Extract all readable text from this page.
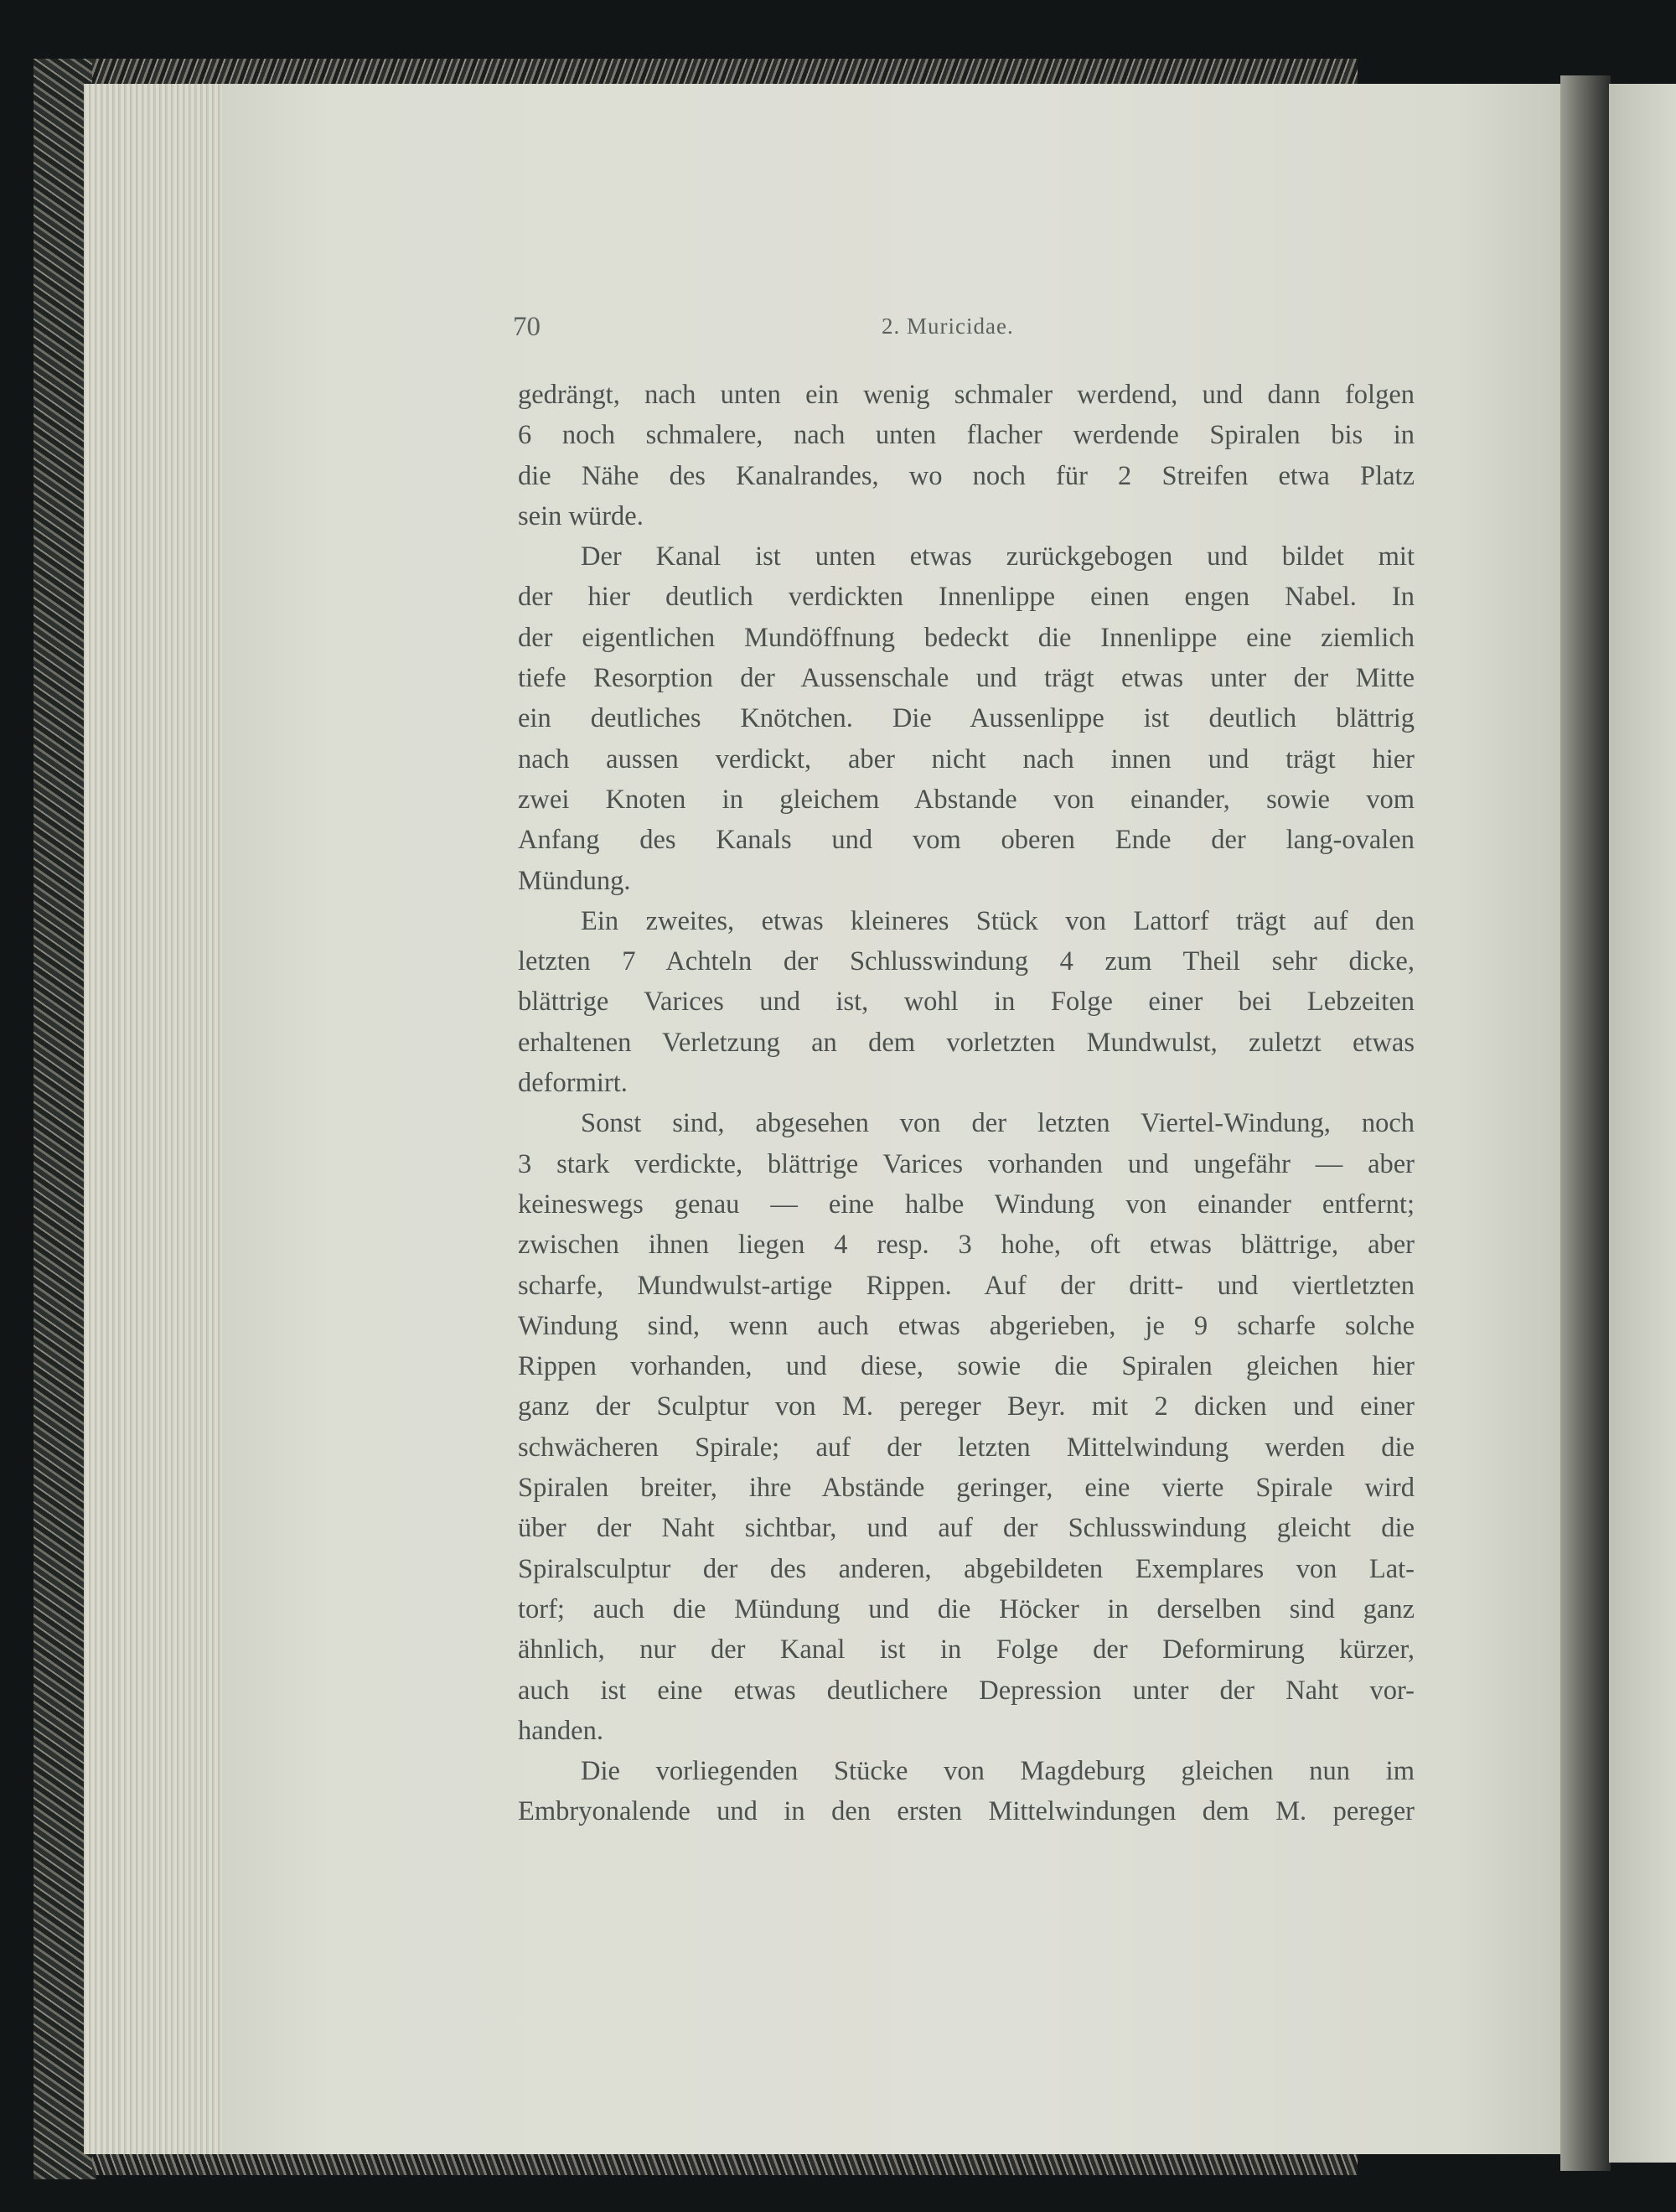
70	2. Muricidae.
gedrängt, nach unten ein wenig schmaler werdend, und dann folgen
6 noch schmalere, nach unten flacher werdende Spiralen bis in
die Nähe des Kanalrandes, wo noch für 2 Streifen etwa Platz
sein würde.
Der Kanal ist unten etwas zurückgebogen und bildet mit
der hier deutlich verdickten Innenlippe einen engen Nabel. In
der eigentlichen Mundöffnung bedeckt die Innenlippe eine ziemlich
tiefe Resorption der Aussenschale und trägt etwas unter der Mitte
ein deutliches Knötchen. Die Aussenlippe ist deutlich blättrig
nach aussen verdickt, aber nicht nach innen und trägt hier
zwei Knoten in gleichem Abstande von einander, sowie vom
Anfang des Kanals und vom oberen Ende der lang-ovalen
Mündung.
Ein zweites, etwas kleineres Stück von Lattorf trägt auf den
letzten 7 Achteln der Schlusswindung 4 zum Theil sehr dicke,
blättrige Varices und ist, wohl in Folge einer bei Lebzeiten
erhaltenen Verletzung an dem vorletzten Mundwulst, zuletzt etwas
deformirt.
Sonst sind, abgesehen von der letzten Viertel-Windung, noch
3 stark verdickte, blättrige Varices vorhanden und ungefähr — aber
keineswegs genau — eine halbe Windung von einander entfernt;
zwischen ihnen liegen 4 resp. 3 hohe, oft etwas blättrige, aber
scharfe, Mundwulst-artige Rippen. Auf der dritt- und viertletzten
Windung sind, wenn auch etwas abgerieben, je 9 scharfe solche
Rippen vorhanden, und diese, sowie die Spiralen gleichen hier
ganz der Sculptur von M. pereger Beyr. mit 2 dicken und einer
schwächeren Spirale; auf der letzten Mittelwindung werden die
Spiralen breiter, ihre Abstände geringer, eine vierte Spirale wird
über der Naht sichtbar, und auf der Schlusswindung gleicht die
Spiralsculptur der des anderen, abgebildeten Exemplares von Lat-
torf; auch die Mündung und die Höcker in derselben sind ganz
ähnlich, nur der Kanal ist in Folge der Deformirung kürzer,
auch ist eine etwas deutlichere Depression unter der Naht vor-
handen.
Die vorliegenden Stücke von Magdeburg gleichen nun im
Embryonalende und in den ersten Mittelwindungen dem M. pereger
